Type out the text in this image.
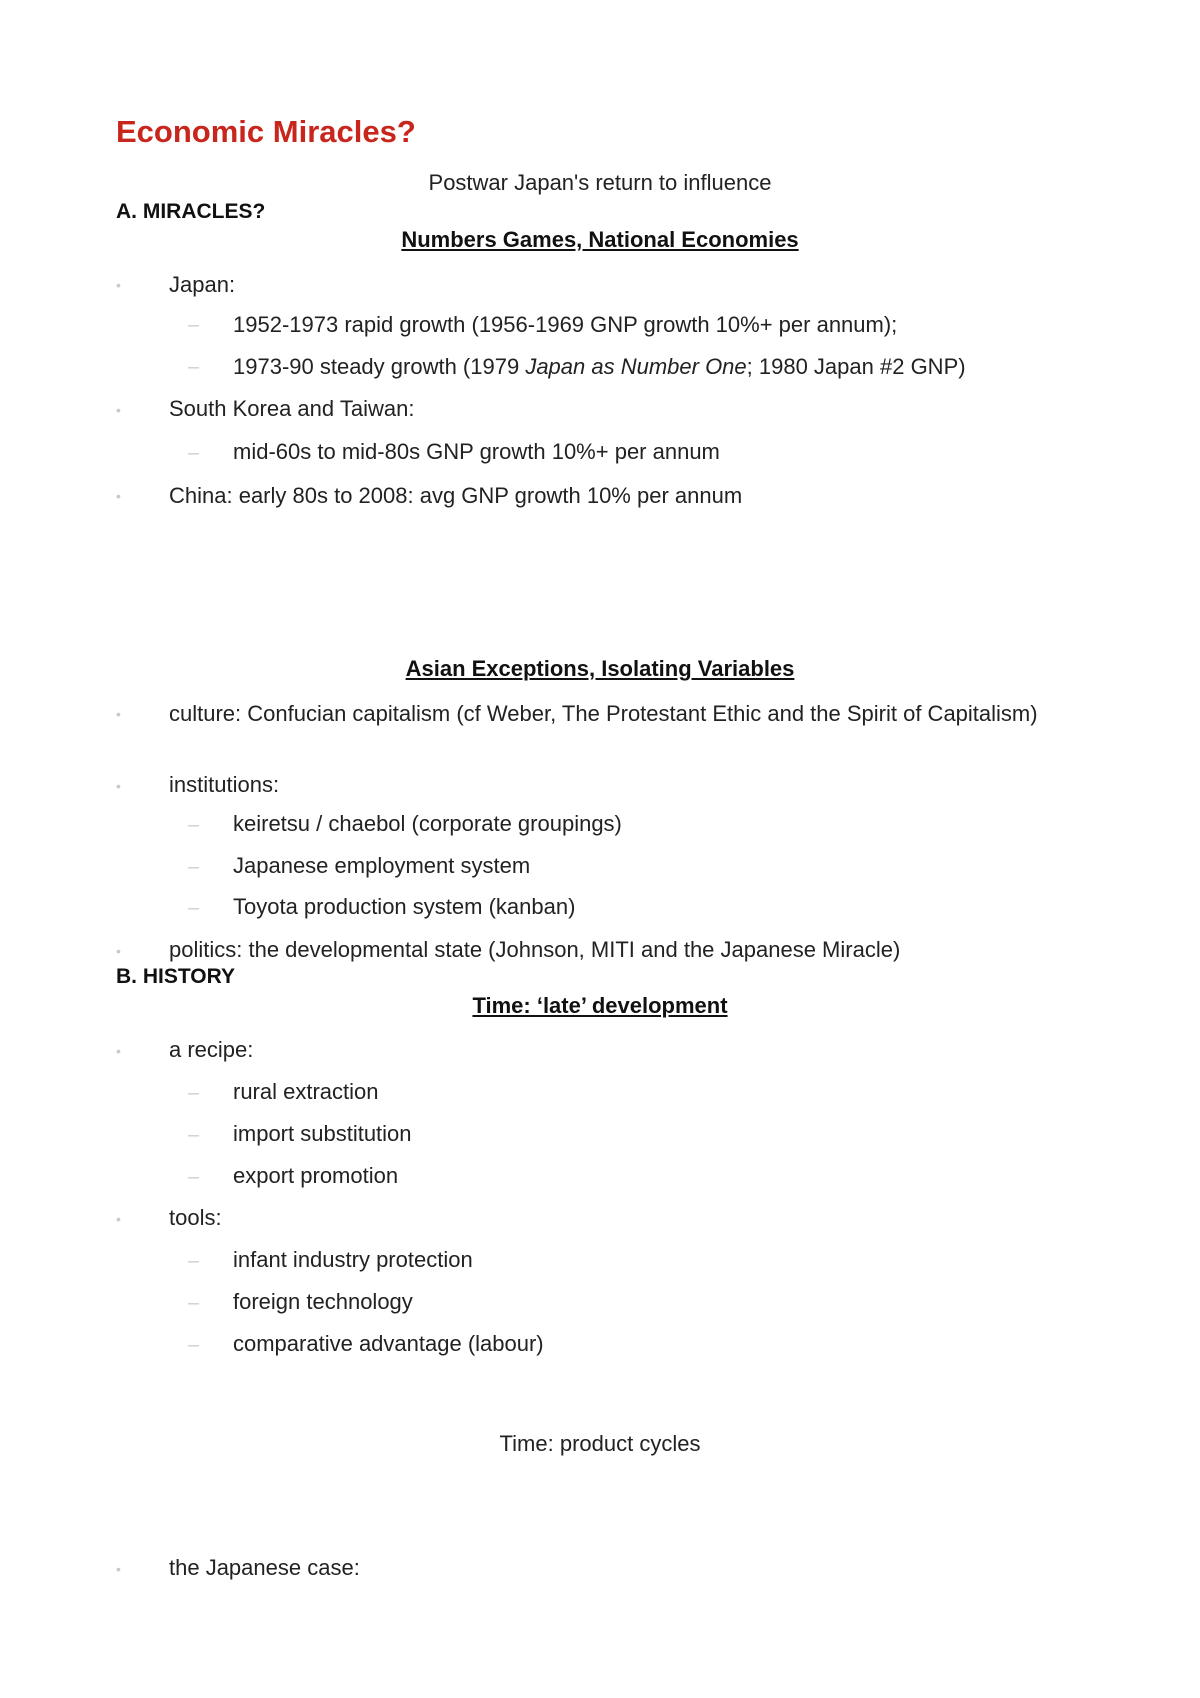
Economic Miracles?
Postwar Japan's return to influence
A. MIRACLES?
Numbers Games, National Economies
• Japan:
– 1952-1973 rapid growth (1956-1969 GNP growth 10%+ per annum);
– 1973-90 steady growth (1979 Japan as Number One; 1980 Japan #2 GNP)
• South Korea and Taiwan:
– mid-60s to mid-80s GNP growth 10%+ per annum
• China: early 80s to 2008: avg GNP growth 10% per annum
Asian Exceptions, Isolating Variables
• culture: Confucian capitalism (cf Weber, The Protestant Ethic and the Spirit of Capitalism)
• institutions:
– keiretsu / chaebol (corporate groupings)
– Japanese employment system
– Toyota production system (kanban)
• politics: the developmental state (Johnson, MITI and the Japanese Miracle)
B. HISTORY
Time: ‘late’ development
• a recipe:
– rural extraction
– import substitution
– export promotion
• tools:
– infant industry protection
– foreign technology
– comparative advantage (labour)
Time: product cycles
• the Japanese case:
